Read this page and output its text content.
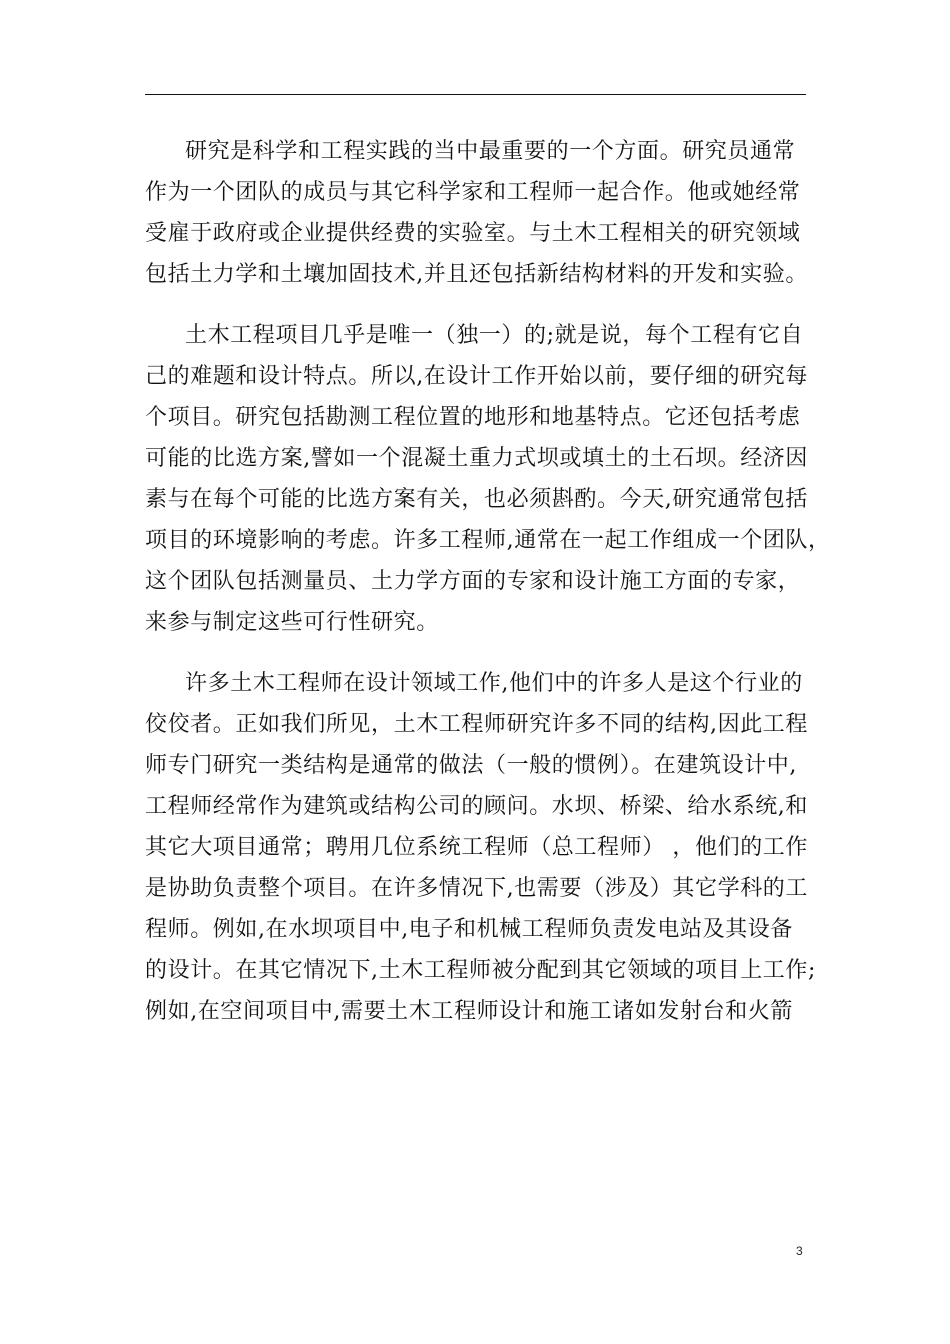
研究是科学和工程实践的当中最重要的一个方面。研究员通常
作为一个团队的成员与其它科学家和工程师一起合作。他或她经常
受雇于政府或企业提供经费的实验室。与土木工程相关的研究领域
包括土力学和土壤加固技术,并且还包括新结构材料的开发和实验。

土木工程项目几乎是唯一（独一）的;就是说，每个工程有它自
己的难题和设计特点。所以,在设计工作开始以前，要仔细的研究每
个项目。研究包括勘测工程位置的地形和地基特点。它还包括考虑
可能的比选方案,譬如一个混凝土重力式坝或填土的土石坝。经济因
素与在每个可能的比选方案有关，也必须斟酌。今天,研究通常包括
项目的环境影响的考虑。许多工程师,通常在一起工作组成一个团队，
这个团队包括测量员、土力学方面的专家和设计施工方面的专家，
来参与制定这些可行性研究。

许多土木工程师在设计领域工作,他们中的许多人是这个行业的
佼佼者。正如我们所见，土木工程师研究许多不同的结构,因此工程
师专门研究一类结构是通常的做法（一般的惯例）。在建筑设计中,
工程师经常作为建筑或结构公司的顾问。水坝、桥梁、给水系统,和
其它大项目通常；聘用几位系统工程师（总工程师） ，他们的工作
是协助负责整个项目。在许多情况下,也需要（涉及）其它学科的工
程师。例如,在水坝项目中,电子和机械工程师负责发电站及其设备
的设计。在其它情况下,土木工程师被分配到其它领域的项目上工作;
例如,在空间项目中,需要土木工程师设计和施工诸如发射台和火箭

3
